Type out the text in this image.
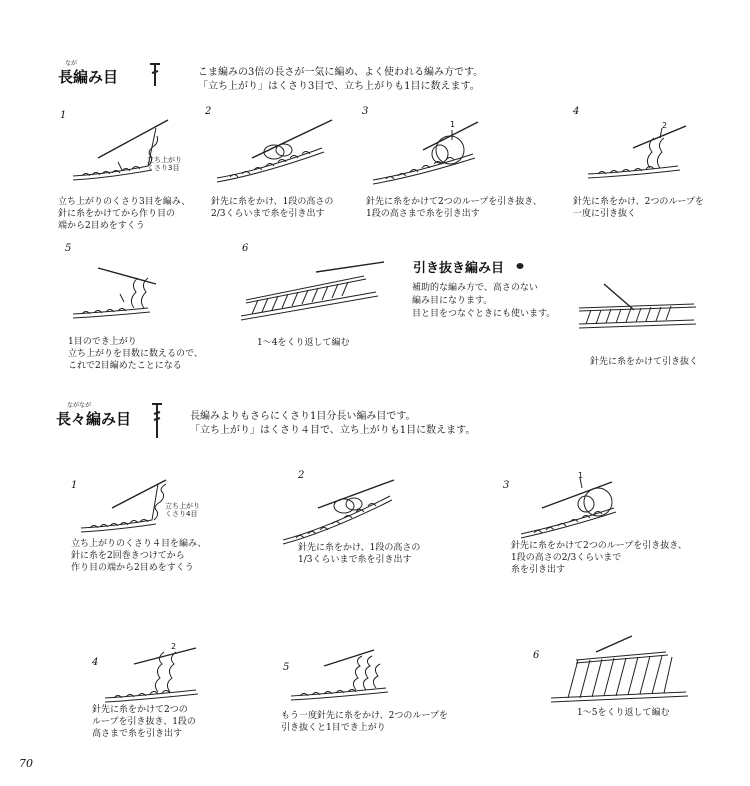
なが
長編み目	こま編みの3倍の長さが一気に編め、よく使われる編み方です。
「立ち上がり」はくさり3目で、立ち上がりも1目に数えます。
1
立ち上がり
くさり3目
立ち上がりのくさり3目を編み、
針に糸をかけてから作り目の
端から2目めをすくう
2
針先に糸をかけ、1段の高さの
2/3くらいまで糸を引き出す
3
1
針先に糸をかけて2つのループを引き抜き、
1段の高さまで糸を引き出す
4
2
針先に糸をかけ、2つのループを
一度に引き抜く
5
1目のでき上がり
立ち上がりを目数に数えるので、
これで2目編めたことになる
6
1〜4をくり返して編む
引き抜き編み目
補助的な編み方で、高さのない
編み目になります。
目と目をつなぐときにも使います。
針先に糸をかけて引き抜く
ながなが
長々編み目	長編みよりもさらにくさり1目分長い編み目です。
「立ち上がり」はくさり４目で、立ち上がりも1目に数えます。
1
立ち上がり
くさり4目
立ち上がりのくさり４目を編み、
針に糸を2回巻きつけてから
作り目の端から2目めをすくう
2
針先に糸をかけ、1段の高さの
1/3くらいまで糸を引き出す
3
1
針先に糸をかけて2つのループを引き抜き、
1段の高さの2/3くらいまで
糸を引き出す
4
2
針先に糸をかけて2つの
ループを引き抜き、1段の
高さまで糸を引き出す
5
もう一度針先に糸をかけ、2つのループを
引き抜くと1目でき上がり
6
1〜5をくり返して編む
70
